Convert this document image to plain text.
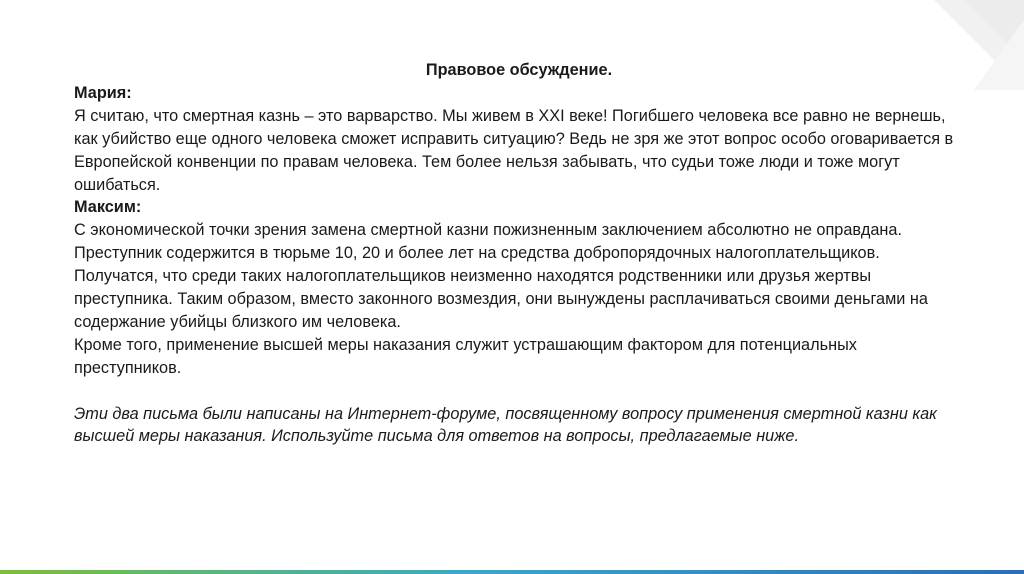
Правовое обсуждение.

Мария:

Я считаю, что смертная казнь – это варварство. Мы живем в XXI веке! Погибшего человека все равно не вернешь, как убийство еще одного человека сможет исправить ситуацию? Ведь не зря же этот вопрос особо оговаривается в Европейской конвенции по правам человека. Тем более нельзя забывать, что судьи тоже люди и тоже могут ошибаться.

Максим:

С экономической точки зрения замена смертной казни пожизненным заключением абсолютно не оправдана. Преступник содержится в тюрьме 10, 20 и более лет на средства добропорядочных налогоплательщиков. Получатся, что среди таких налогоплательщиков неизменно находятся родственники или друзья жертвы преступника. Таким образом, вместо законного возмездия, они вынуждены расплачиваться своими деньгами на содержание убийцы близкого им человека.

Кроме того, применение высшей меры наказания служит устрашающим фактором для потенциальных преступников.

Эти два письма были написаны на Интернет-форуме, посвященному вопросу применения смертной казни как высшей меры наказания. Используйте письма для ответов на вопросы, предлагаемые ниже.
